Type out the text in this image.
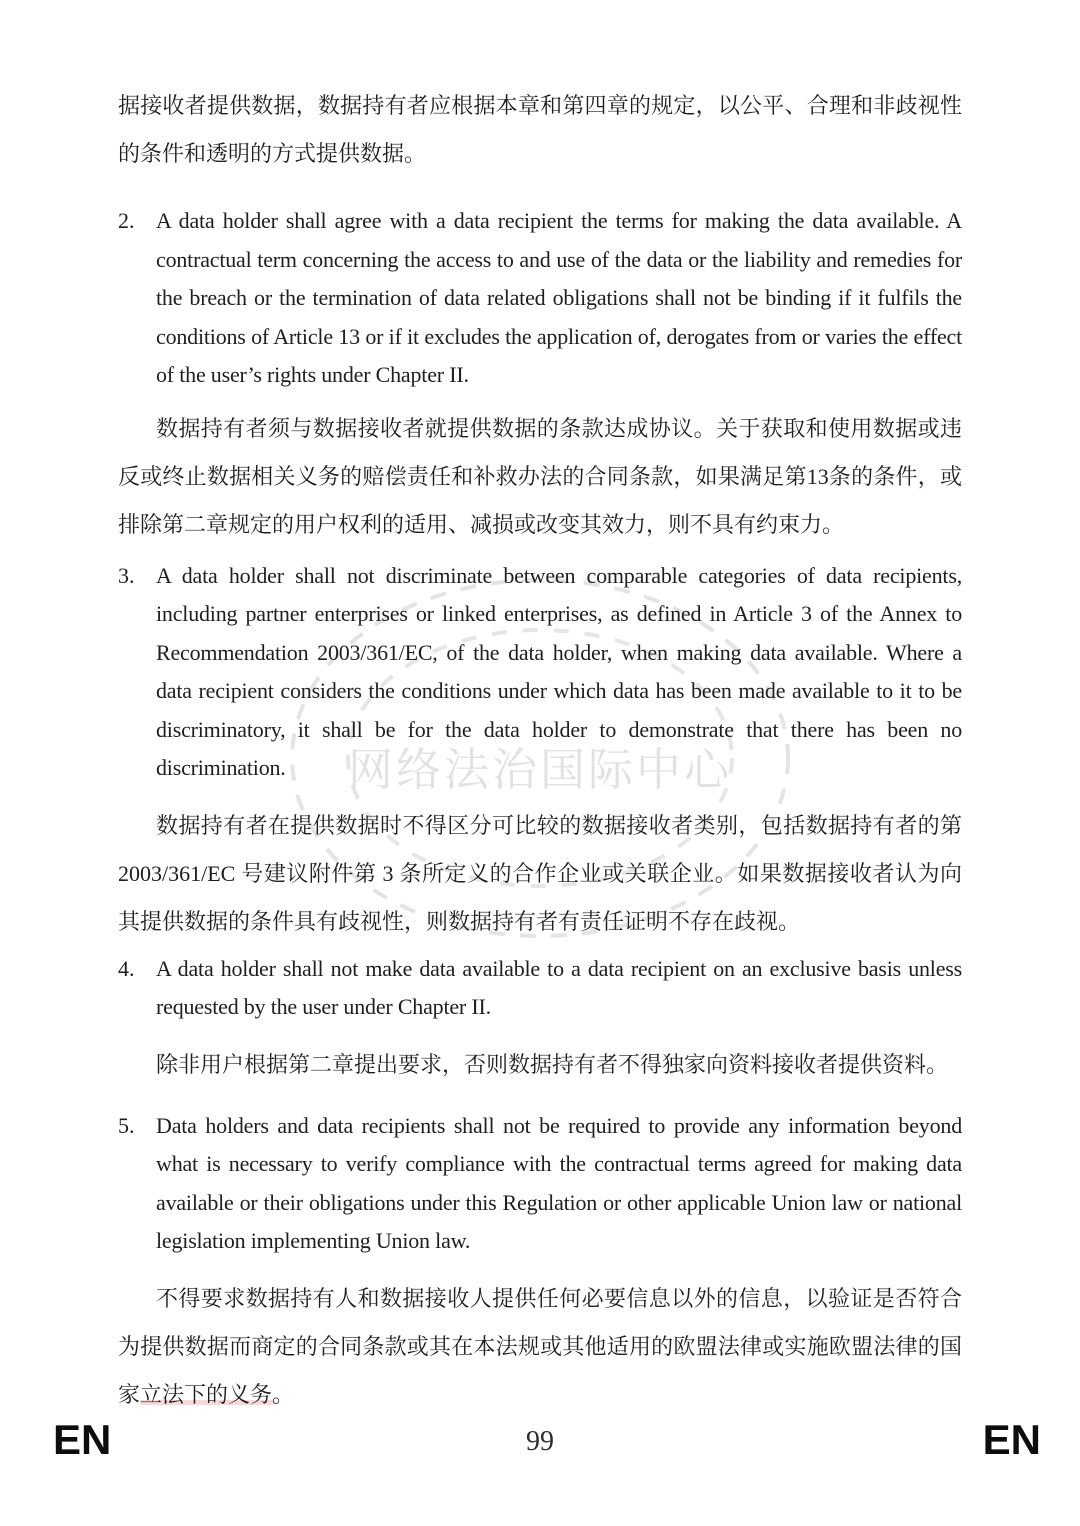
网络法治国际中心

据接收者提供数据，数据持有者应根据本章和第四章的规定，以公平、合理和非歧视性的条件和透明的方式提供数据。

2. A data holder shall agree with a data recipient the terms for making the data available. A contractual term concerning the access to and use of the data or the liability and remedies for the breach or the termination of data related obligations shall not be binding if it fulfils the conditions of Article 13 or if it excludes the application of, derogates from or varies the effect of the user’s rights under Chapter II.

数据持有者须与数据接收者就提供数据的条款达成协议。关于获取和使用数据或违反或终止数据相关义务的赔偿责任和补救办法的合同条款，如果满足第13条的条件，或排除第二章规定的用户权利的适用、减损或改变其效力，则不具有约束力。

3. A data holder shall not discriminate between comparable categories of data recipients, including partner enterprises or linked enterprises, as defined in Article 3 of the Annex to Recommendation 2003/361/EC, of the data holder, when making data available. Where a data recipient considers the conditions under which data has been made available to it to be discriminatory, it shall be for the data holder to demonstrate that there has been no discrimination.

数据持有者在提供数据时不得区分可比较的数据接收者类别，包括数据持有者的第2003/361/EC 号建议附件第 3 条所定义的合作企业或关联企业。如果数据接收者认为向其提供数据的条件具有歧视性，则数据持有者有责任证明不存在歧视。

4. A data holder shall not make data available to a data recipient on an exclusive basis unless requested by the user under Chapter II.

除非用户根据第二章提出要求，否则数据持有者不得独家向资料接收者提供资料。

5. Data holders and data recipients shall not be required to provide any information beyond what is necessary to verify compliance with the contractual terms agreed for making data available or their obligations under this Regulation or other applicable Union law or national legislation implementing Union law.

不得要求数据持有人和数据接收人提供任何必要信息以外的信息，以验证是否符合为提供数据而商定的合同条款或其在本法规或其他适用的欧盟法律或实施欧盟法律的国家立法下的义务。

EN	99	EN
